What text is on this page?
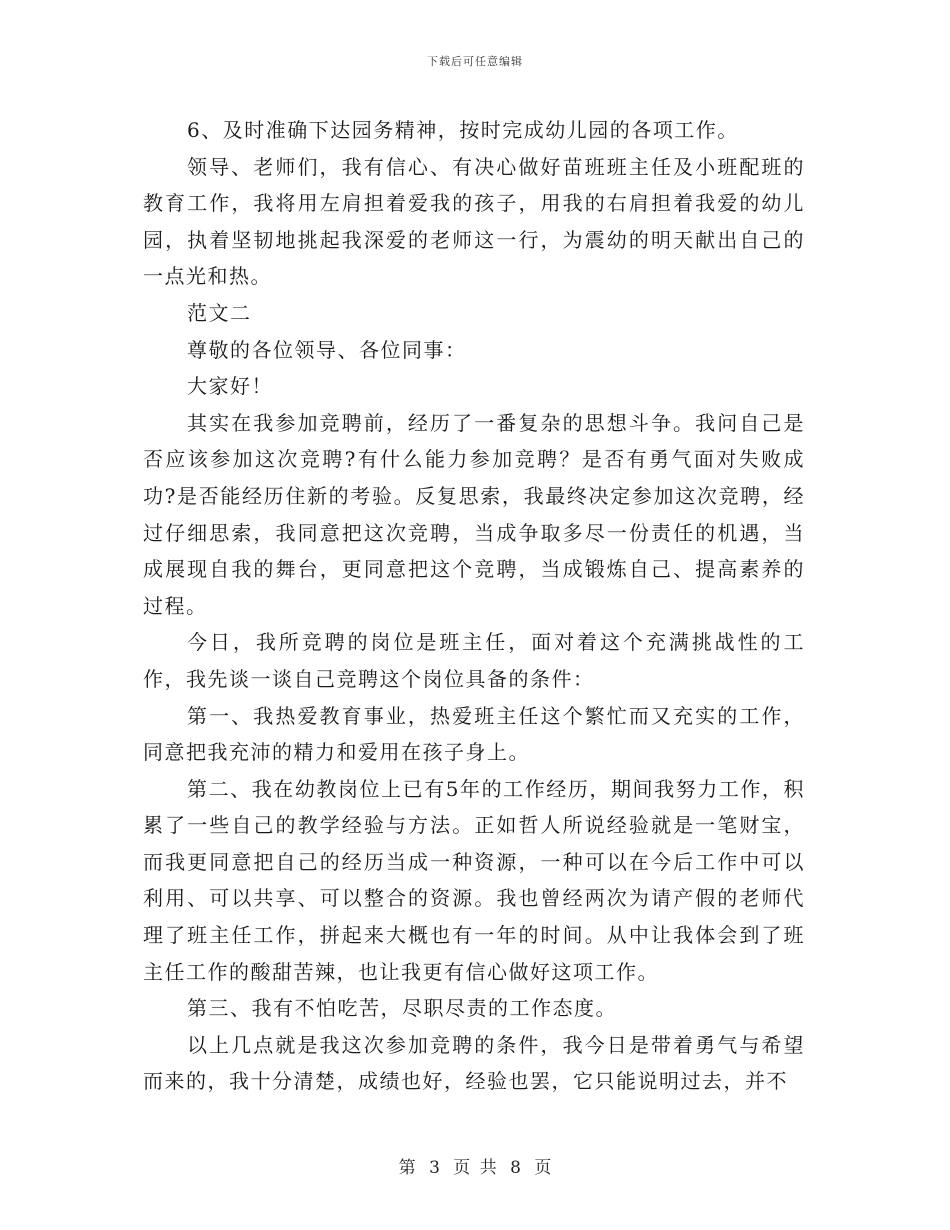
下载后可任意编辑

6、及时准确下达园务精神，按时完成幼儿园的各项工作。

领导、老师们，我有信心、有决心做好苗班班主任及小班配班的教育工作，我将用左肩担着爱我的孩子，用我的右肩担着我爱的幼儿园，执着坚韧地挑起我深爱的老师这一行，为震幼的明天献出自己的一点光和热。

范文二

尊敬的各位领导、各位同事：

大家好！

其实在我参加竞聘前，经历了一番复杂的思想斗争。我问自己是否应该参加这次竞聘?有什么能力参加竞聘？是否有勇气面对失败成功?是否能经历住新的考验。反复思索，我最终决定参加这次竞聘，经过仔细思索，我同意把这次竞聘，当成争取多尽一份责任的机遇，当成展现自我的舞台，更同意把这个竞聘，当成锻炼自己、提高素养的过程。

今日，我所竞聘的岗位是班主任，面对着这个充满挑战性的工作，我先谈一谈自己竞聘这个岗位具备的条件：

第一、我热爱教育事业，热爱班主任这个繁忙而又充实的工作，同意把我充沛的精力和爱用在孩子身上。

第二、我在幼教岗位上已有5年的工作经历，期间我努力工作，积累了一些自己的教学经验与方法。正如哲人所说经验就是一笔财宝，而我更同意把自己的经历当成一种资源，一种可以在今后工作中可以利用、可以共享、可以整合的资源。我也曾经两次为请产假的老师代理了班主任工作，拼起来大概也有一年的时间。从中让我体会到了班主任工作的酸甜苦辣，也让我更有信心做好这项工作。

第三、我有不怕吃苦，尽职尽责的工作态度。

以上几点就是我这次参加竞聘的条件，我今日是带着勇气与希望而来的，我十分清楚，成绩也好，经验也罢，它只能说明过去，并不

第 3 页 共 8 页
